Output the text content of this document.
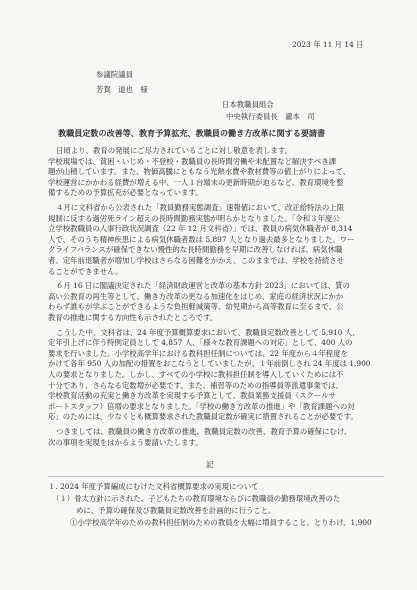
2023 年 11 月 14 日
参議院議員
芳賀　道也　様
日本教職員組合
中央執行委員長　瀧本　司
教職員定数の改善等、教育予算拡充、教職員の働き方改革に関する要請書
記
１. 2024 年度予算編成にむけた文科省概算要求の実現について
（１）骨太方針に示された、子どもたちの教育環境ならびに教職員の勤務環境改善のた
めに、予算の確保及び教職員定数改善を計画的に行うこと。
①小学校高学年のための教科担任制のための教員を大幅に増員すること。とりわけ、1,900
日頃より、教育の発展にご尽力されていることに対し敬意を表します。
学校現場では、貧困・いじめ・不登校・教職員の長時間労働や未配置など解決すべき課
題が山積しています。また、物価高騰にともなう光熱水費や教材費等の値上がりによって、
学校運営にかかわる経費が増える中、一人１台端末の更新時期が迫るなど、教育環境を整
備するための予算拡充が必要となっています。
４月に文科省から公表された「教員勤務実態調査」速報値において、改正給特法の上限
規制に反する過労死ライン超えの長時間勤務実態が明らかとなりました。「令和３年度公
立学校教職員の人事行政状況調査（22 年 12 月文科省）」では、教員の病気休職者が 8,314
人で、そのうち精神疾患による病気休職者数は 5,897 人となり過去最多となりました。ワー
クライフバランスが確保できない慢性的な長時間勤務を早期に改善しなければ、病気休職
者、定年前退職者が増加し学校はさらなる困難をかかえ、このままでは、学校を持続させ
ることができません。
６月 16 日に閣議決定された「経済財政運営と改革の基本方針 2023」においては、質の
高い公教育の再生等として、働き方改革の更なる加速化をはじめ、家庭の経済状況にかか
わらず誰もが学ぶことができるような負担軽減策等、幼児期から高等教育に至るまで、公
教育の推進に関する方向性も示されたところです。
こうした中、文科省は、24 年度予算概算要求において、教職員定数改善として 5,910 人、
定年引上げに伴う特例定員として 4,857 人、「様々な教育課題への対応」として、400 人の
要求を行いました。小学校高学年における教科担任制については、22 年度から４年程度を
かけて各年 950 人の加配の措置をおこなうとしていましたが、１年前倒しされ 24 年度は 1,900
人の要求となりました。しかし、すべての小学校に教科担任制を導入していくためには不
十分であり、さらなる定数増が必要です。また、補習等のための指導員等派遣事業では、
学校教育活動の充実と働き方改革を実現する予算として、教員業務支援員（スクールサ
ポートスタッフ）倍増の要求となりました。「学校の働き方改革の推進」や「教育課題への対
応」のためには、少なくとも概算要求された教職員定数が確実に措置されることが必要です。
つきましては、教職員の働き方改革の推進、教職員定数の改善、教育予算の確保にむけ、
次の事項を実現をはかるよう要請いたします。
